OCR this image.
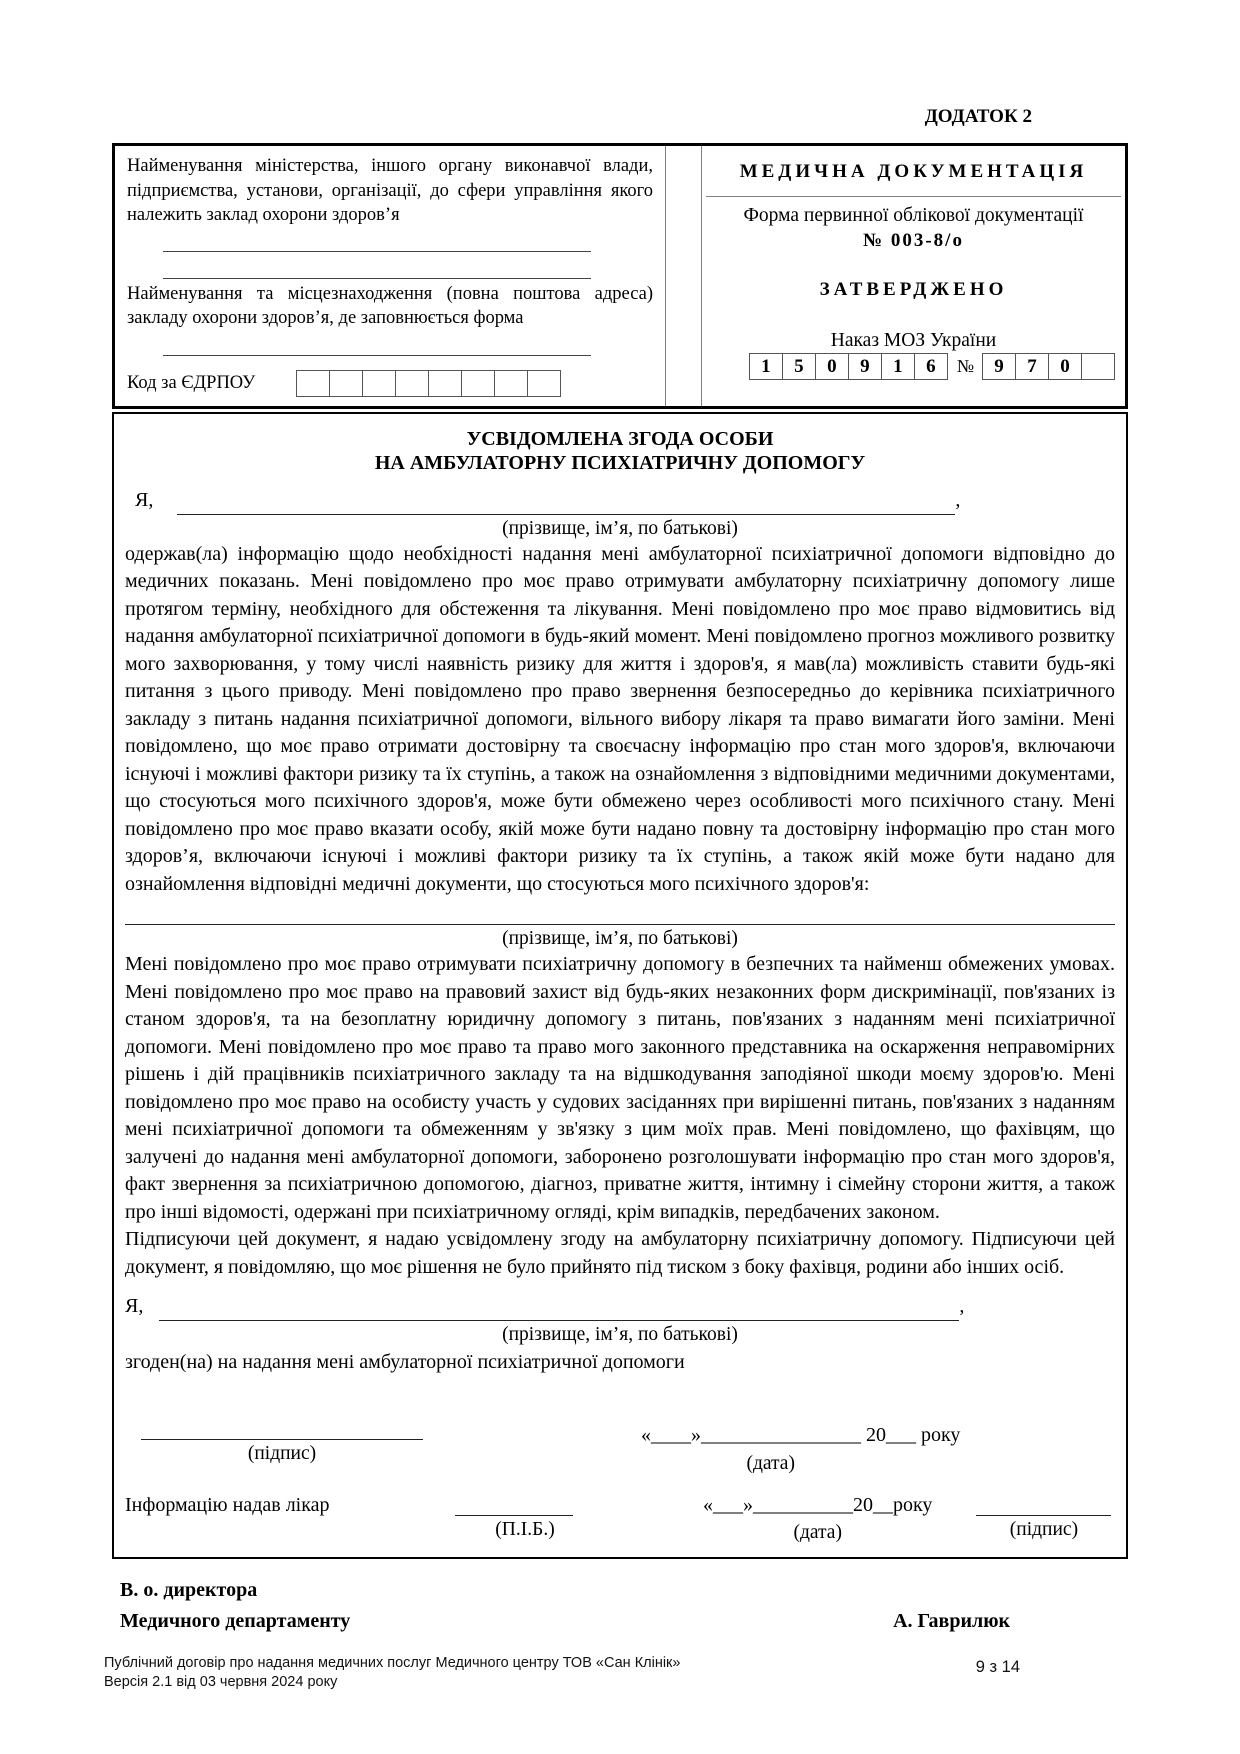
ДОДАТОК 2
Найменування міністерства, іншого органу виконавчої влади, підприємства, установи, організації, до сфери управління якого належить заклад охорони здоров’я
Найменування та місцезнаходження (повна поштова адреса) закладу охорони здоров’я, де заповнюється форма
Код за ЄДРПОУ
МЕДИЧНА ДОКУМЕНТАЦІЯ
Форма первинної облікової документації
№ 003-8/о
ЗАТВЕРДЖЕНО
Наказ МОЗ України
1	5	0	9	1	6	№	9	7	0
УСВІДОМЛЕНА ЗГОДА ОСОБИ
НА АМБУЛАТОРНУ ПСИХІАТРИЧНУ ДОПОМОГУ
Я,	,
(прізвище, ім’я, по батькові)
одержав(ла) інформацію щодо необхідності надання мені амбулаторної психіатричної допомоги відповідно до медичних показань. Мені повідомлено про моє право отримувати амбулаторну психіатричну допомогу лише протягом терміну, необхідного для обстеження та лікування. Мені повідомлено про моє право відмовитись від надання амбулаторної психіатричної допомоги в будь-який момент. Мені повідомлено прогноз можливого розвитку мого захворювання, у тому числі наявність ризику для життя і здоров'я, я мав(ла) можливість ставити будь-які питання з цього приводу. Мені повідомлено про право звернення безпосередньо до керівника психіатричного закладу з питань надання психіатричної допомоги, вільного вибору лікаря та право вимагати його заміни. Мені повідомлено, що моє право отримати достовірну та своєчасну інформацію про стан мого здоров'я, включаючи існуючі і можливі фактори ризику та їх ступінь, а також на ознайомлення з відповідними медичними документами, що стосуються мого психічного здоров'я, може бути обмежено через особливості мого психічного стану. Мені повідомлено про моє право вказати особу, якій може бути надано повну та достовірну інформацію про стан мого здоров’я, включаючи існуючі і можливі фактори ризику та їх ступінь, а також якій може бути надано для ознайомлення відповідні медичні документи, що стосуються мого психічного здоров'я:
(прізвище, ім’я, по батькові)
Мені повідомлено про моє право отримувати психіатричну допомогу в безпечних та найменш обмежених умовах. Мені повідомлено про моє право на правовий захист від будь-яких незаконних форм дискримінації, пов'язаних із станом здоров'я, та на безоплатну юридичну допомогу з питань, пов'язаних з наданням мені психіатричної допомоги. Мені повідомлено про моє право та право мого законного представника на оскарження неправомірних рішень і дій працівників психіатричного закладу та на відшкодування заподіяної шкоди моєму здоров'ю. Мені повідомлено про моє право на особисту участь у судових засіданнях при вирішенні питань, пов'язаних з наданням мені психіатричної допомоги та обмеженням у зв'язку з цим моїх прав. Мені повідомлено, що фахівцям, що залучені до надання мені амбулаторної допомоги, заборонено розголошувати інформацію про стан мого здоров'я, факт звернення за психіатричною допомогою, діагноз, приватне життя, інтимну і сімейну сторони життя, а також про інші відомості, одержані при психіатричному огляді, крім випадків, передбачених законом.
Підписуючи цей документ, я надаю усвідомлену згоду на амбулаторну психіатричну допомогу. Підписуючи цей документ, я повідомляю, що моє рішення не було прийнято під тиском з боку фахівця, родини або інших осіб.
Я,	,
(прізвище, ім’я, по батькові)
згоден(на) на надання мені амбулаторної психіатричної допомоги
(підпис)
«____»________________ 20___ року
(дата)
Інформацію надав лікар
(П.І.Б.)
«___»__________20__року
(дата)	(підпис)
В. о. директора
Медичного департаменту	А. Гаврилюк
Публічний договір про надання медичних послуг Медичного центру ТОВ «Сан Клінік»
Версія 2.1 від 03 червня 2024 року
9 з 14
